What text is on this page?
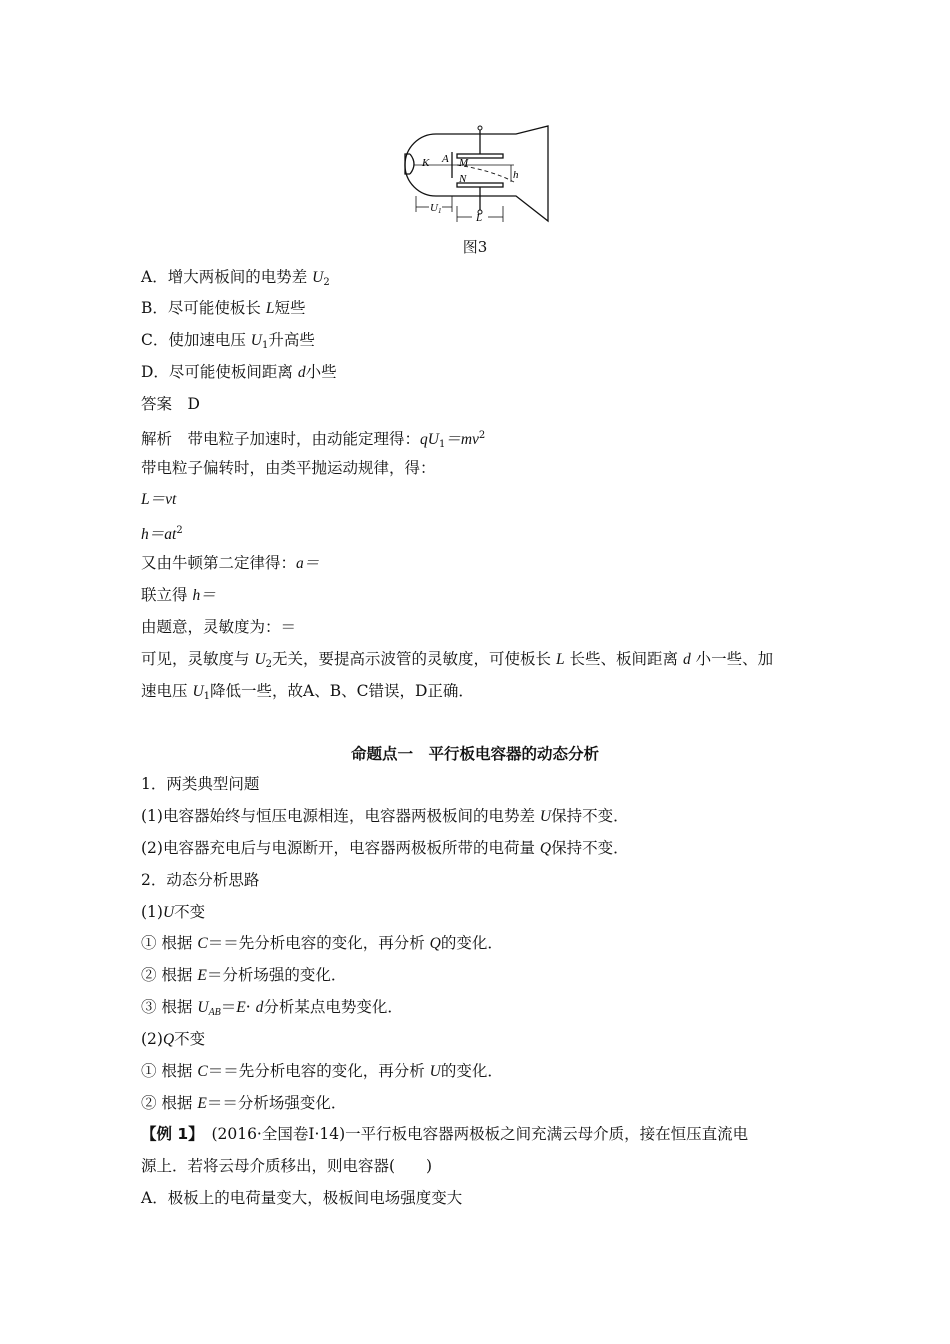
K A M
N	h
U1
L
图3
A．增大两板间的电势差 $U_2$
B．尽可能使板长 L短些
C．使加速电压 $U_1$升高些
D．尽可能使板间距离 d小些
答案　D
解析　带电粒子加速时，由动能定理得：$qU_1=mv^2$
带电粒子偏转时，由类平抛运动规律，得：
L＝vt
$h=at^2$
又由牛顿第二定律得：a＝
联立得 h＝
由题意，灵敏度为：＝
可见，灵敏度与 $U_2$无关，要提高示波管的灵敏度，可使板长 L 长些、板间距离 d 小一些、加
速电压 $U_1$降低一些，故A、B、C错误，D正确．
命题点一　平行板电容器的动态分析
1．两类典型问题
(1)电容器始终与恒压电源相连，电容器两极板间的电势差 U保持不变．
(2)电容器充电后与电源断开，电容器两极板所带的电荷量 Q保持不变．
2．动态分析思路
(1)U不变
① 根据 C＝＝先分析电容的变化，再分析 Q的变化．
② 根据 E＝分析场强的变化．
③ 根据 $U_{AB}=E\cdot d$分析某点电势变化．
(2)Q不变
① 根据 C＝＝先分析电容的变化，再分析 U的变化．
② 根据 E＝＝分析场强变化．
【例 1】　(2016·全国卷Ⅰ·14)一平行板电容器两极板之间充满云母介质，接在恒压直流电
源上．若将云母介质移出，则电容器(　　)
A．极板上的电荷量变大，极板间电场强度变大
